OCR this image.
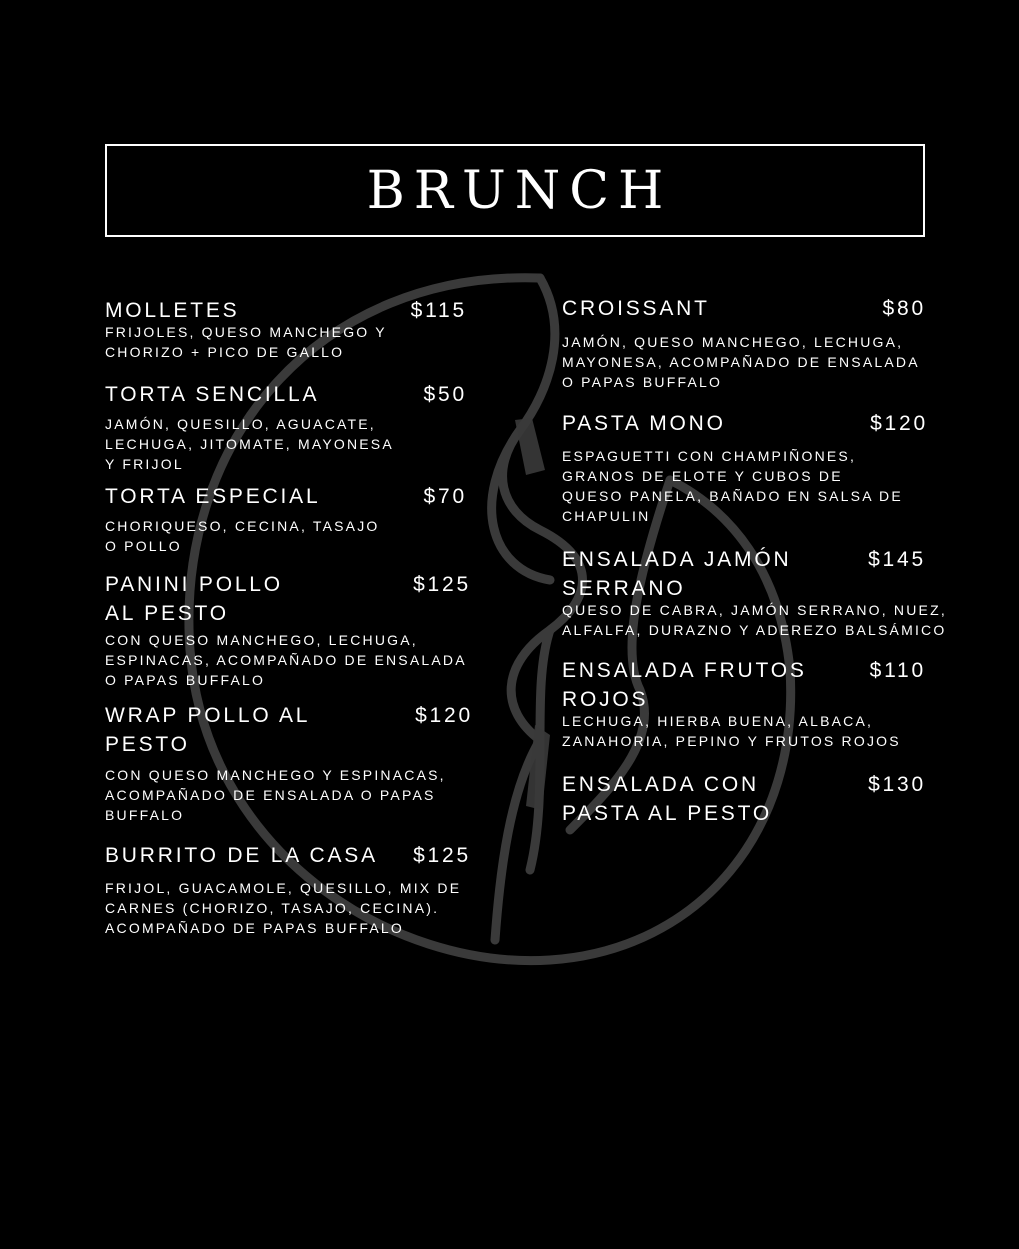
BRUNCH
MOLLETES	$115
FRIJOLES, QUESO MANCHEGO Y CHORIZO + PICO DE GALLO
TORTA SENCILLA	$50
JAMÓN, QUESILLO, AGUACATE, LECHUGA, JITOMATE, MAYONESA Y FRIJOL
TORTA ESPECIAL	$70
CHORIQUESO, CECINA, TASAJO O POLLO
PANINI POLLO AL PESTO
$125
CON QUESO MANCHEGO, LECHUGA, ESPINACAS, ACOMPAÑADO DE ENSALADA O PAPAS BUFFALO
WRAP POLLO AL PESTO
$120
CON QUESO MANCHEGO Y ESPINACAS, ACOMPAÑADO DE ENSALADA O PAPAS BUFFALO
BURRITO DE LA CASA	$125
FRIJOL, GUACAMOLE, QUESILLO, MIX DE CARNES (CHORIZO, TASAJO, CECINA). ACOMPAÑADO DE PAPAS BUFFALO
CROISSANT	$80
JAMÓN, QUESO MANCHEGO, LECHUGA, MAYONESA, ACOMPAÑADO DE ENSALADA O PAPAS BUFFALO
PASTA MONO	$120
ESPAGUETTI CON CHAMPIÑONES, GRANOS DE ELOTE Y CUBOS DE QUESO PANELA, BAÑADO EN SALSA DE CHAPULIN
ENSALADA JAMÓN SERRANO
$145
QUESO DE CABRA, JAMÓN SERRANO, NUEZ, ALFALFA, DURAZNO Y ADEREZO BALSÁMICO
ENSALADA FRUTOS ROJOS
$110
LECHUGA, HIERBA BUENA, ALBACA, ZANAHORIA, PEPINO Y FRUTOS ROJOS
ENSALADA CON PASTA AL PESTO
$130
